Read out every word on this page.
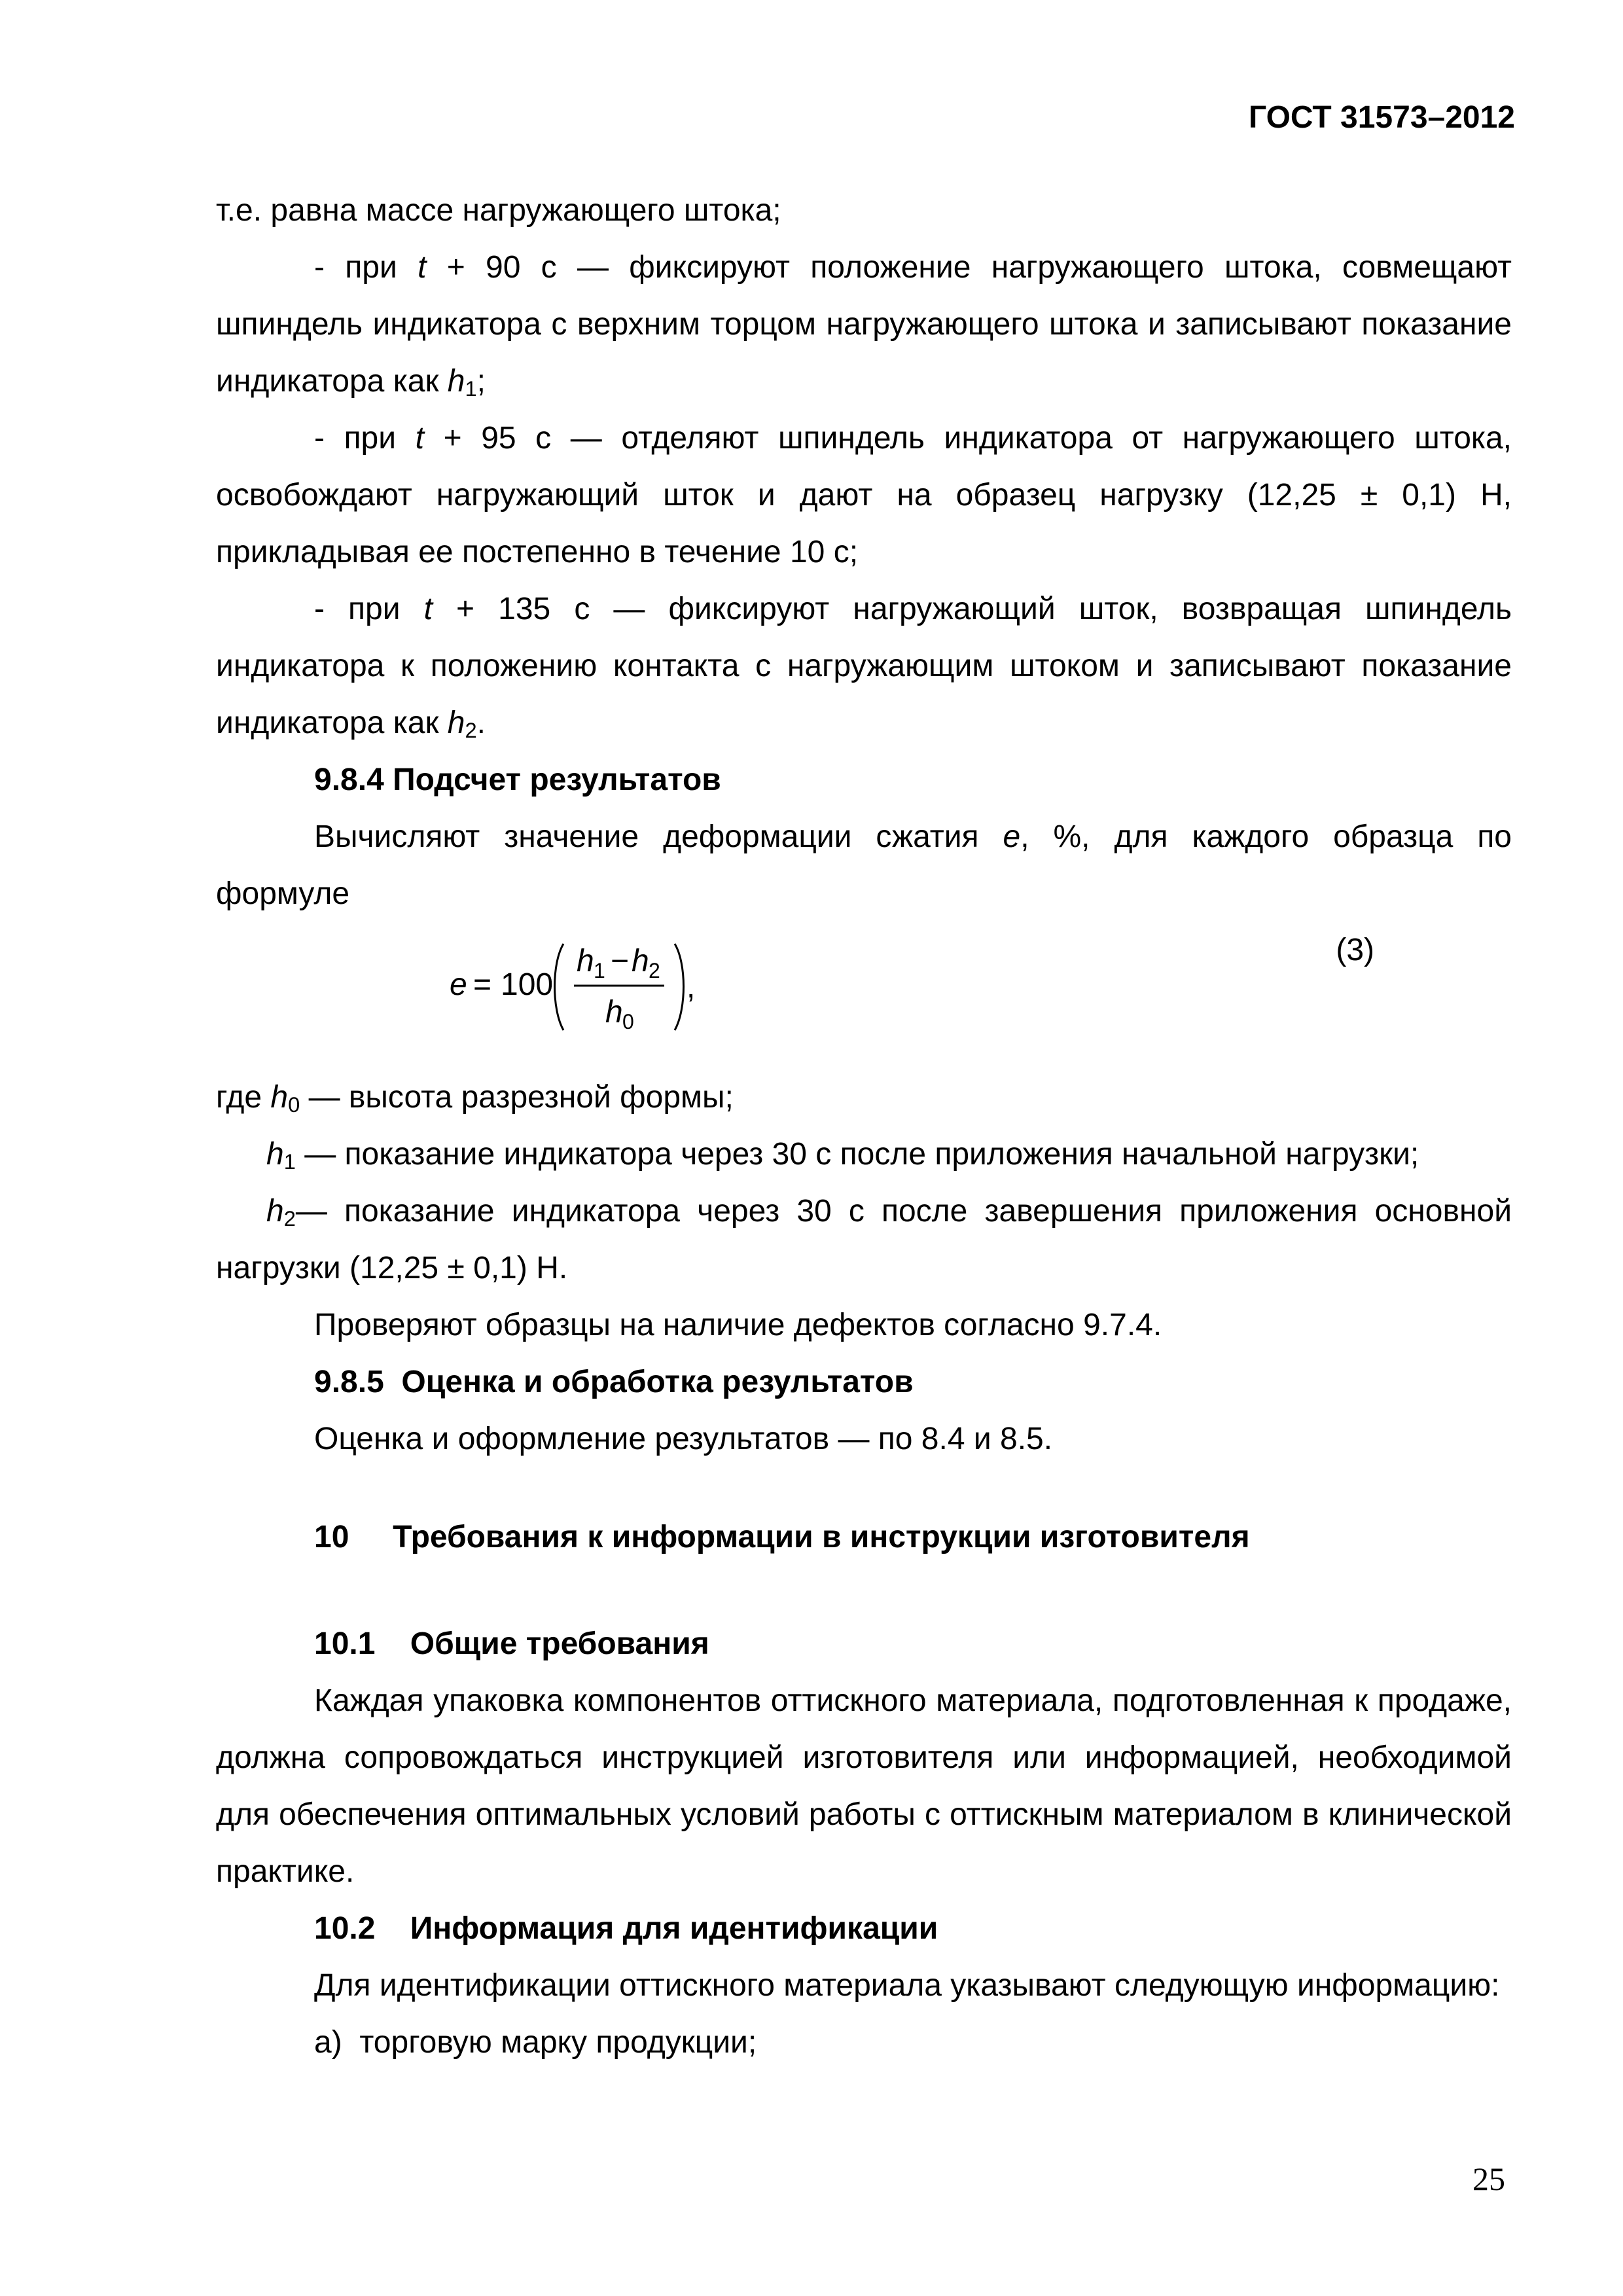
ГОСТ 31573–2012

т.е. равна массе нагружающего штока;

- при t + 90 с — фиксируют положение нагружающего штока, совмещают шпиндель индикатора с верхним торцом нагружающего штока и записывают показание индикатора как $h_1$;

- при t + 95 с — отделяют шпиндель индикатора от нагружающего штока, освобождают нагружающий шток и дают на образец нагрузку (12,25 ± 0,1) Н, прикладывая ее постепенно в течение 10 с;

- при t + 135 с — фиксируют нагружающий шток, возвращая шпиндель индикатора к положению контакта с нагружающим штоком и записывают показание индикатора как $h_2$.

9.8.4 Подсчет результатов

Вычисляют значение деформации сжатия e, %, для каждого образца по формуле

e = 100
h 1 − h 2
h 0
,
(3)

где $h_0$ — высота разрезной формы;

$h_1$ — показание индикатора через 30 с после приложения начальной нагрузки;

$h_2—$ показание индикатора через 30 с после завершения приложения основной нагрузки (12,25 ± 0,1) Н.

Проверяют образцы на наличие дефектов согласно 9.7.4.

9.8.5  Оценка и обработка результатов

Оценка и оформление результатов — по 8.4 и 8.5.

10     Требования к информации в инструкции изготовителя

10.1    Общие требования

Каждая упаковка компонентов оттискного материала, подготовленная к продаже, должна сопровождаться инструкцией изготовителя или информацией, необходимой для обеспечения оптимальных условий работы с оттискным материалом в клинической практике.

10.2    Информация для идентификации

Для идентификации оттискного материала указывают следующую информацию:

а)  торговую марку продукции;

25
